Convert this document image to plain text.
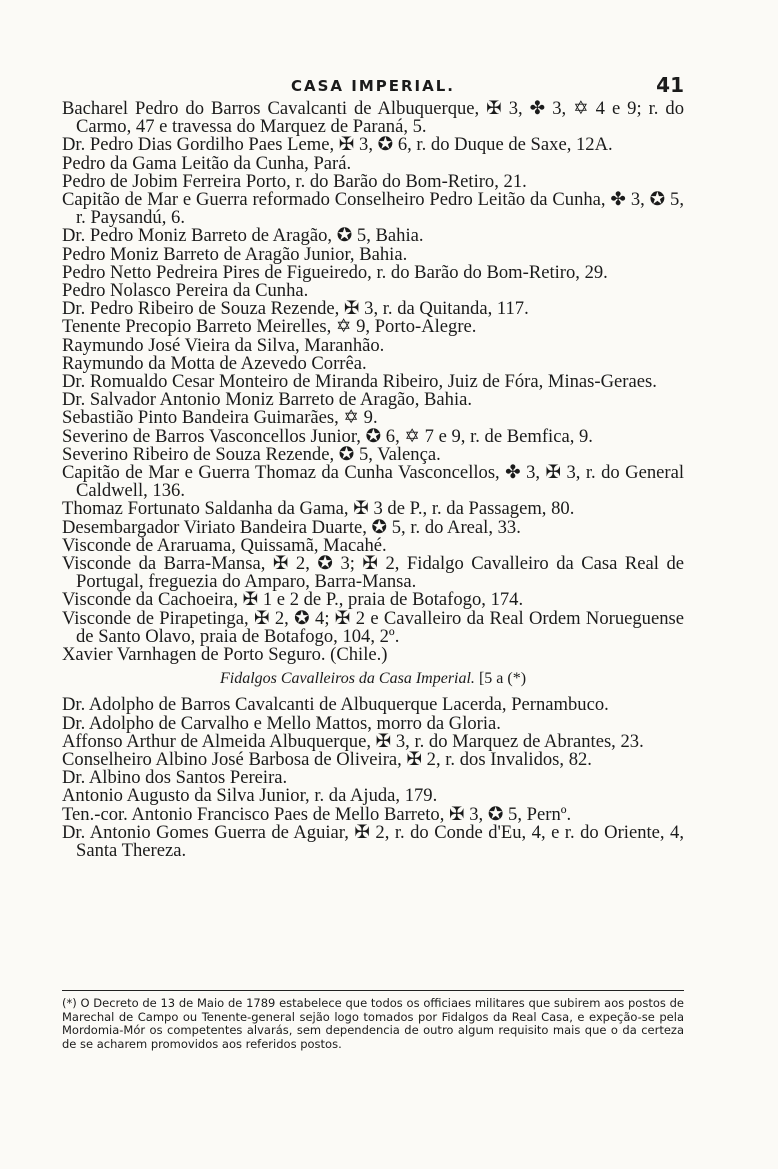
CASA IMPERIAL.	41
Bacharel Pedro do Barros Cavalcanti de Albuquerque, ✠ 3, ✤ 3, ✡ 4 e 9; r. do Carmo, 47 e travessa do Marquez de Paraná, 5.
Dr. Pedro Dias Gordilho Paes Leme, ✠ 3, ✪ 6, r. do Duque de Saxe, 12A.
Pedro da Gama Leitão da Cunha, Pará.
Pedro de Jobim Ferreira Porto, r. do Barão do Bom-Retiro, 21.
Capitão de Mar e Guerra reformado Conselheiro Pedro Leitão da Cunha, ✤ 3, ✪ 5, r. Paysandú, 6.
Dr. Pedro Moniz Barreto de Aragão, ✪ 5, Bahia.
Pedro Moniz Barreto de Aragão Junior, Bahia.
Pedro Netto Pedreira Pires de Figueiredo, r. do Barão do Bom-Retiro, 29.
Pedro Nolasco Pereira da Cunha.
Dr. Pedro Ribeiro de Souza Rezende, ✠ 3, r. da Quitanda, 117.
Tenente Precopio Barreto Meirelles, ✡ 9, Porto-Alegre.
Raymundo José Vieira da Silva, Maranhão.
Raymundo da Motta de Azevedo Corrêa.
Dr. Romualdo Cesar Monteiro de Miranda Ribeiro, Juiz de Fóra, Minas-Geraes.
Dr. Salvador Antonio Moniz Barreto de Aragão, Bahia.
Sebastião Pinto Bandeira Guimarães, ✡ 9.
Severino de Barros Vasconcellos Junior, ✪ 6, ✡ 7 e 9, r. de Bemfica, 9.
Severino Ribeiro de Souza Rezende, ✪ 5, Valença.
Capitão de Mar e Guerra Thomaz da Cunha Vasconcellos, ✤ 3, ✠ 3, r. do General Caldwell, 136.
Thomaz Fortunato Saldanha da Gama, ✠ 3 de P., r. da Passagem, 80.
Desembargador Viriato Bandeira Duarte, ✪ 5, r. do Areal, 33.
Visconde de Araruama, Quissamã, Macahé.
Visconde da Barra-Mansa, ✠ 2, ✪ 3; ✠ 2, Fidalgo Cavalleiro da Casa Real de Portugal, freguezia do Amparo, Barra-Mansa.
Visconde da Cachoeira, ✠ 1 e 2 de P., praia de Botafogo, 174.
Visconde de Pirapetinga, ✠ 2, ✪ 4; ✠ 2 e Cavalleiro da Real Ordem Norueguense de Santo Olavo, praia de Botafogo, 104, 2º.
Xavier Varnhagen de Porto Seguro. (Chile.)
Fidalgos Cavalleiros da Casa Imperial. [5 a (*)
Dr. Adolpho de Barros Cavalcanti de Albuquerque Lacerda, Pernambuco.
Dr. Adolpho de Carvalho e Mello Mattos, morro da Gloria.
Affonso Arthur de Almeida Albuquerque, ✠ 3, r. do Marquez de Abrantes, 23.
Conselheiro Albino José Barbosa de Oliveira, ✠ 2, r. dos Invalidos, 82.
Dr. Albino dos Santos Pereira.
Antonio Augusto da Silva Junior, r. da Ajuda, 179.
Ten.-cor. Antonio Francisco Paes de Mello Barreto, ✠ 3, ✪ 5, Pernº.
Dr. Antonio Gomes Guerra de Aguiar, ✠ 2, r. do Conde d'Eu, 4, e r. do Oriente, 4, Santa Thereza.
(*) O Decreto de 13 de Maio de 1789 estabelece que todos os officiaes militares que subirem aos postos de Marechal de Campo ou Tenente-general sejão logo tomados por Fidalgos da Real Casa, e expeção-se pela Mordomia-Mór os competentes alvarás, sem dependencia de outro algum requisito mais que o da certeza de se acharem promovidos aos referidos postos.
